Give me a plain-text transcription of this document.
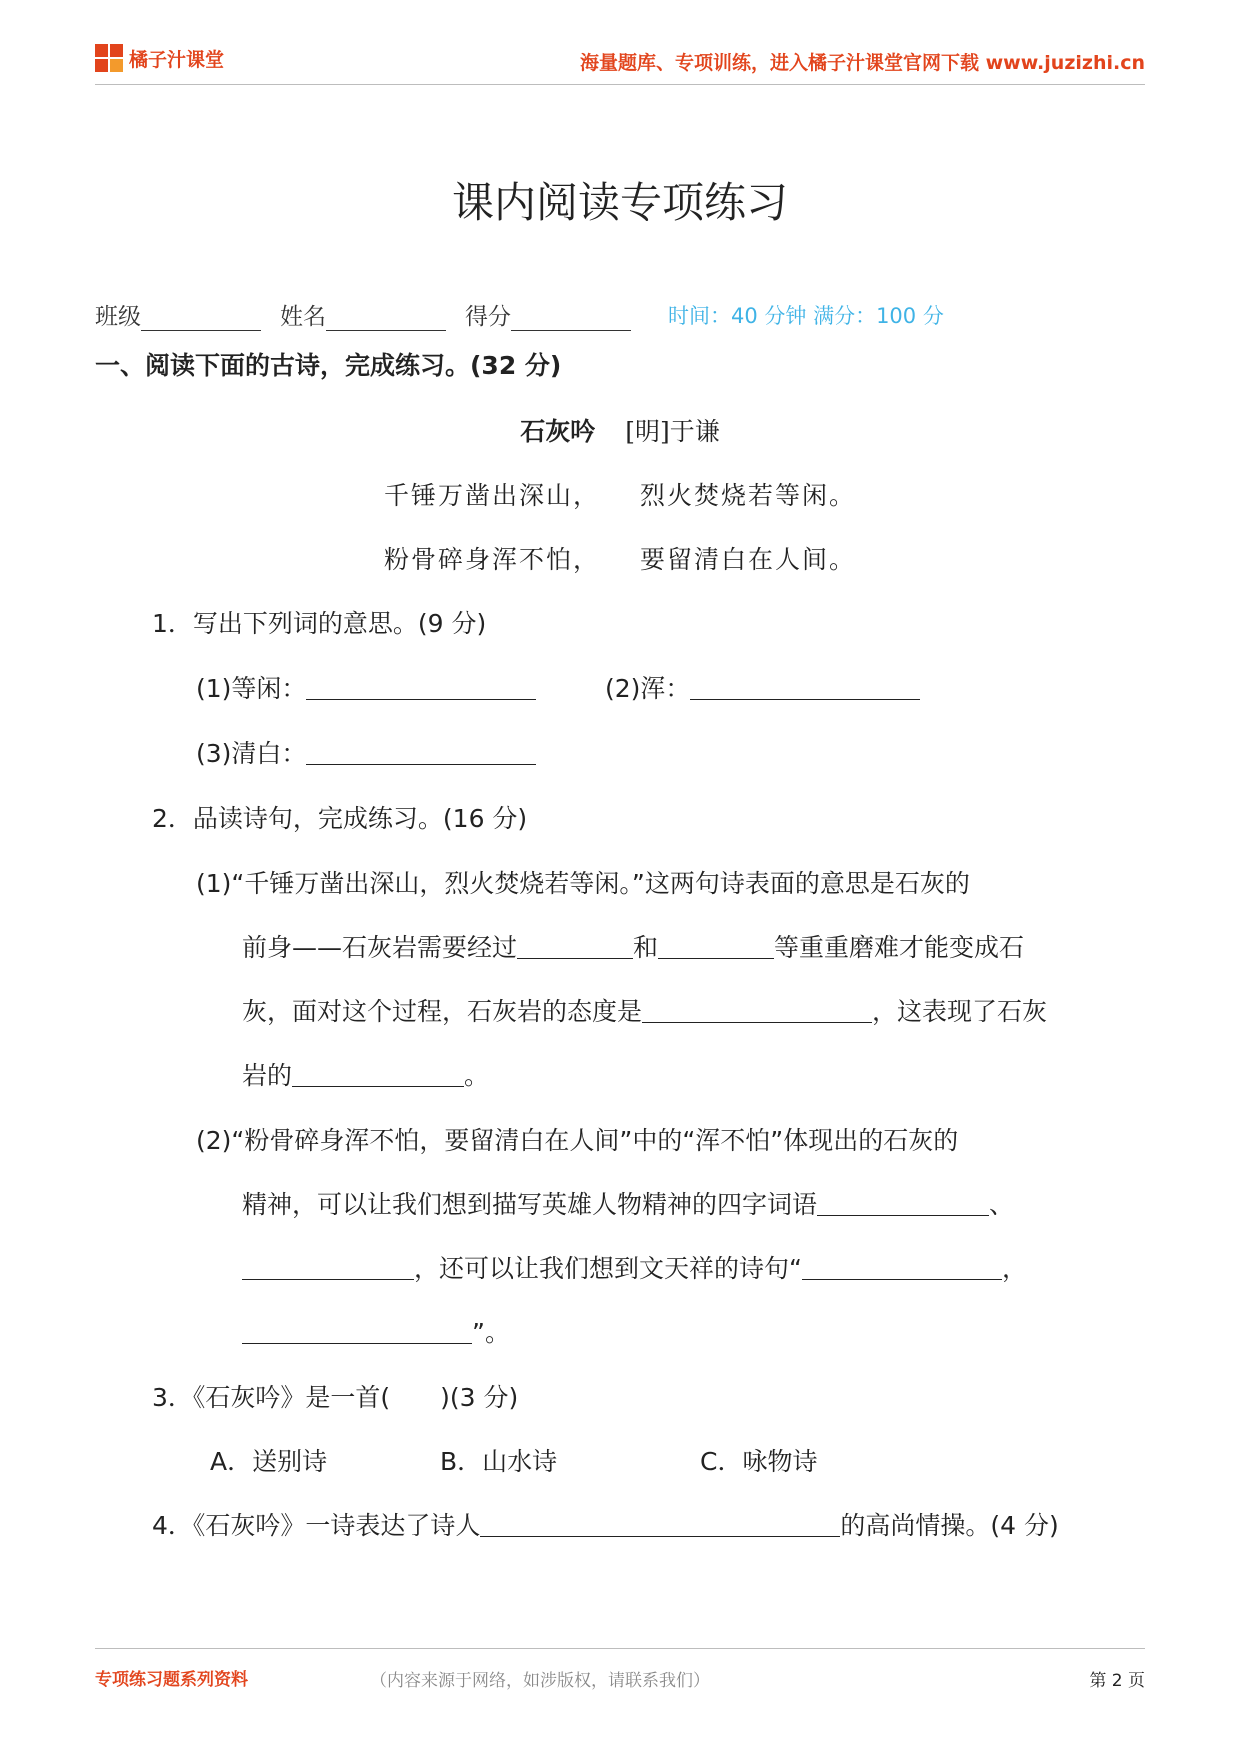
橘子汁课堂	海量题库、专项训练，进入橘子汁课堂官网下载 www.juzizhi.cn
课内阅读专项练习
班级	姓名	得分	时间：40 分钟 满分：100 分
一、阅读下面的古诗，完成练习。(32 分)
石灰吟 [明]于谦
千锤万凿出深山， 烈火焚烧若等闲。
粉骨碎身浑不怕， 要留清白在人间。
1．写出下列词的意思。(9 分)
(1)等闲：	(2)浑：
(3)清白：
2．品读诗句，完成练习。(16 分)
(1)“千锤万凿出深山，烈火焚烧若等闲。”这两句诗表面的意思是石灰的
前身——石灰岩需要经过	和	等重重磨难才能变成石
灰，面对这个过程，石灰岩的态度是	，这表现了石灰
岩的	。
(2)“粉骨碎身浑不怕，要留清白在人间”中的“浑不怕”体现出的石灰的
精神，可以让我们想到描写英雄人物精神的四字词语	、
，还可以让我们想到文天祥的诗句“	，
”。
3．《石灰吟》是一首(　　)(3 分)
A．送别诗	B．山水诗	C．咏物诗
4．《石灰吟》一诗表达了诗人	的高尚情操。(4 分)
专项练习题系列资料	（内容来源于网络，如涉版权，请联系我们）	第 2 页
